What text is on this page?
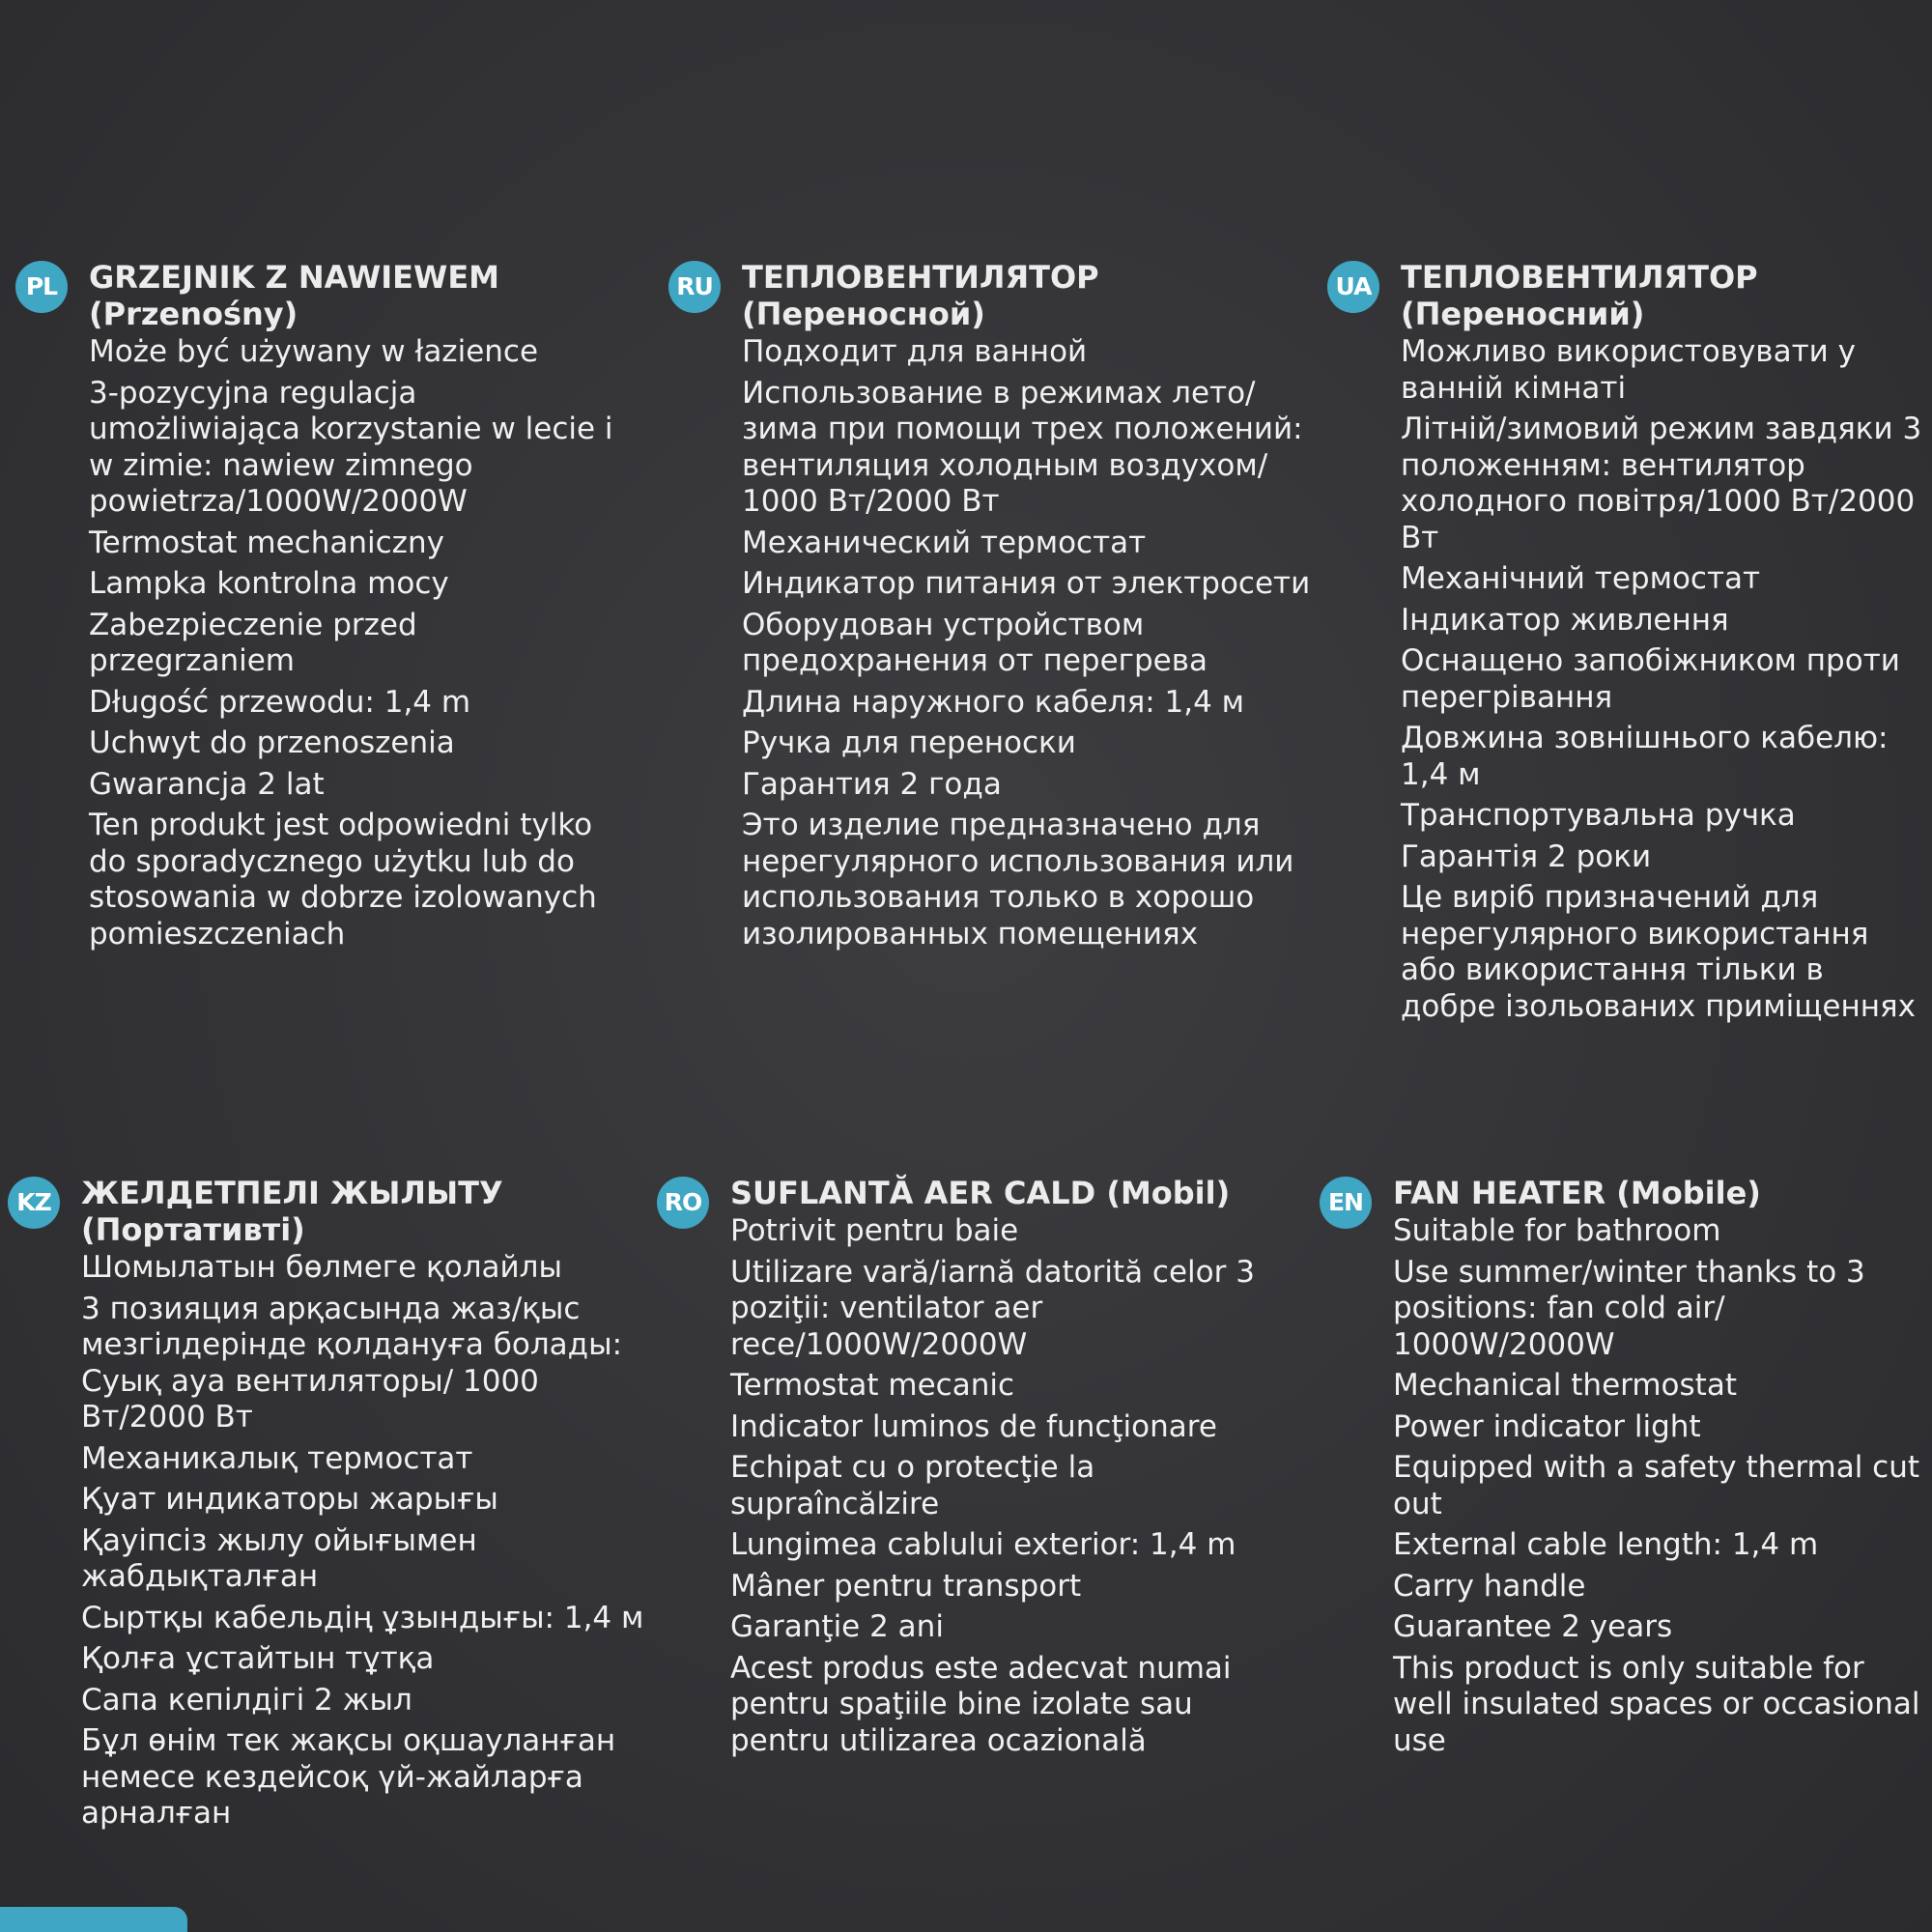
PL	GRZEJNIK Z NAWIEWEM
(Przenośny)
Może być używany w łazience
3-pozycyjna regulacja umożliwiająca korzystanie w lecie i w zimie: nawiew zimnego powietrza/1000W/2000W
Termostat mechaniczny
Lampka kontrolna mocy
Zabezpieczenie przed przegrzaniem
Długość przewodu: 1,4 m
Uchwyt do przenoszenia
Gwarancja 2 lat
Ten produkt jest odpowiedni tylko do sporadycznego użytku lub do stosowania w dobrze izolowanych pomieszczeniach
RU ТЕПЛОВЕНТИЛЯТОР
(Переносной)
Подходит для ванной
Использование в режимах лето/зима при помощи трех положений: вентиляция холодным воздухом/ 1000 Вт/2000 Вт
Механический термостат
Индикатор питания от электросети
Оборудован устройством предохранения от перегрева
Длина наружного кабеля: 1,4 м
Ручка для переноски
Гарантия 2 года
Это изделие предназначено для нерегулярного использования или использования только в хорошо изолированных помещениях
UA ТЕПЛОВЕНТИЛЯТОР
(Переносний)
Можливо використовувати у ванній кімнаті
Літній/зимовий режим завдяки 3 положенням: вентилятор холодного повітря/1000 Вт/2000 Вт
Механічний термостат
Індикатор живлення
Оснащено запобіжником проти перегрівання
Довжина зовнішнього кабелю: 1,4 м
Транспортувальна ручка
Гарантія 2 роки
Це виріб призначений для нерегулярного використання або використання тільки в добре ізольованих приміщеннях
KZ ЖЕЛДЕТПЕЛІ ЖЫЛЫТУ
(Портативті)
Шомылатын бөлмеге қолайлы
3 позияция арқасында жаз/қыс мезгілдерінде қолдануға болады: Суық ауа вентиляторы/ 1000 Вт/2000 Вт
Механикалық термостат
Қуат индикаторы жарығы
Қауіпсіз жылу ойығымен жабдықталған
Сыртқы кабельдің ұзындығы: 1,4 м
Қолға ұстайтын тұтқа
Сапа кепілдігі 2 жыл
Бұл өнім тек жақсы оқшауланған немесе кездейсоқ үй-жайларға арналған
RO SUFLANTĂ AER CALD (Mobil)
Potrivit pentru baie
Utilizare vară/iarnă datorită celor 3 poziţii: ventilator aer rece/1000W/2000W
Termostat mecanic
Indicator luminos de funcţionare
Echipat cu o protecţie la supraîncălzire
Lungimea cablului exterior: 1,4 m
Mâner pentru transport
Garanţie 2 ani
Acest produs este adecvat numai pentru spaţiile bine izolate sau pentru utilizarea ocazională
EN FAN HEATER (Mobile)
Suitable for bathroom
Use summer/winter thanks to 3 positions: fan cold air/ 1000W/2000W
Mechanical thermostat
Power indicator light
Equipped with a safety thermal cut out
External cable length: 1,4 m
Carry handle
Guarantee 2 years
This product is only suitable for well insulated spaces or occasional use
